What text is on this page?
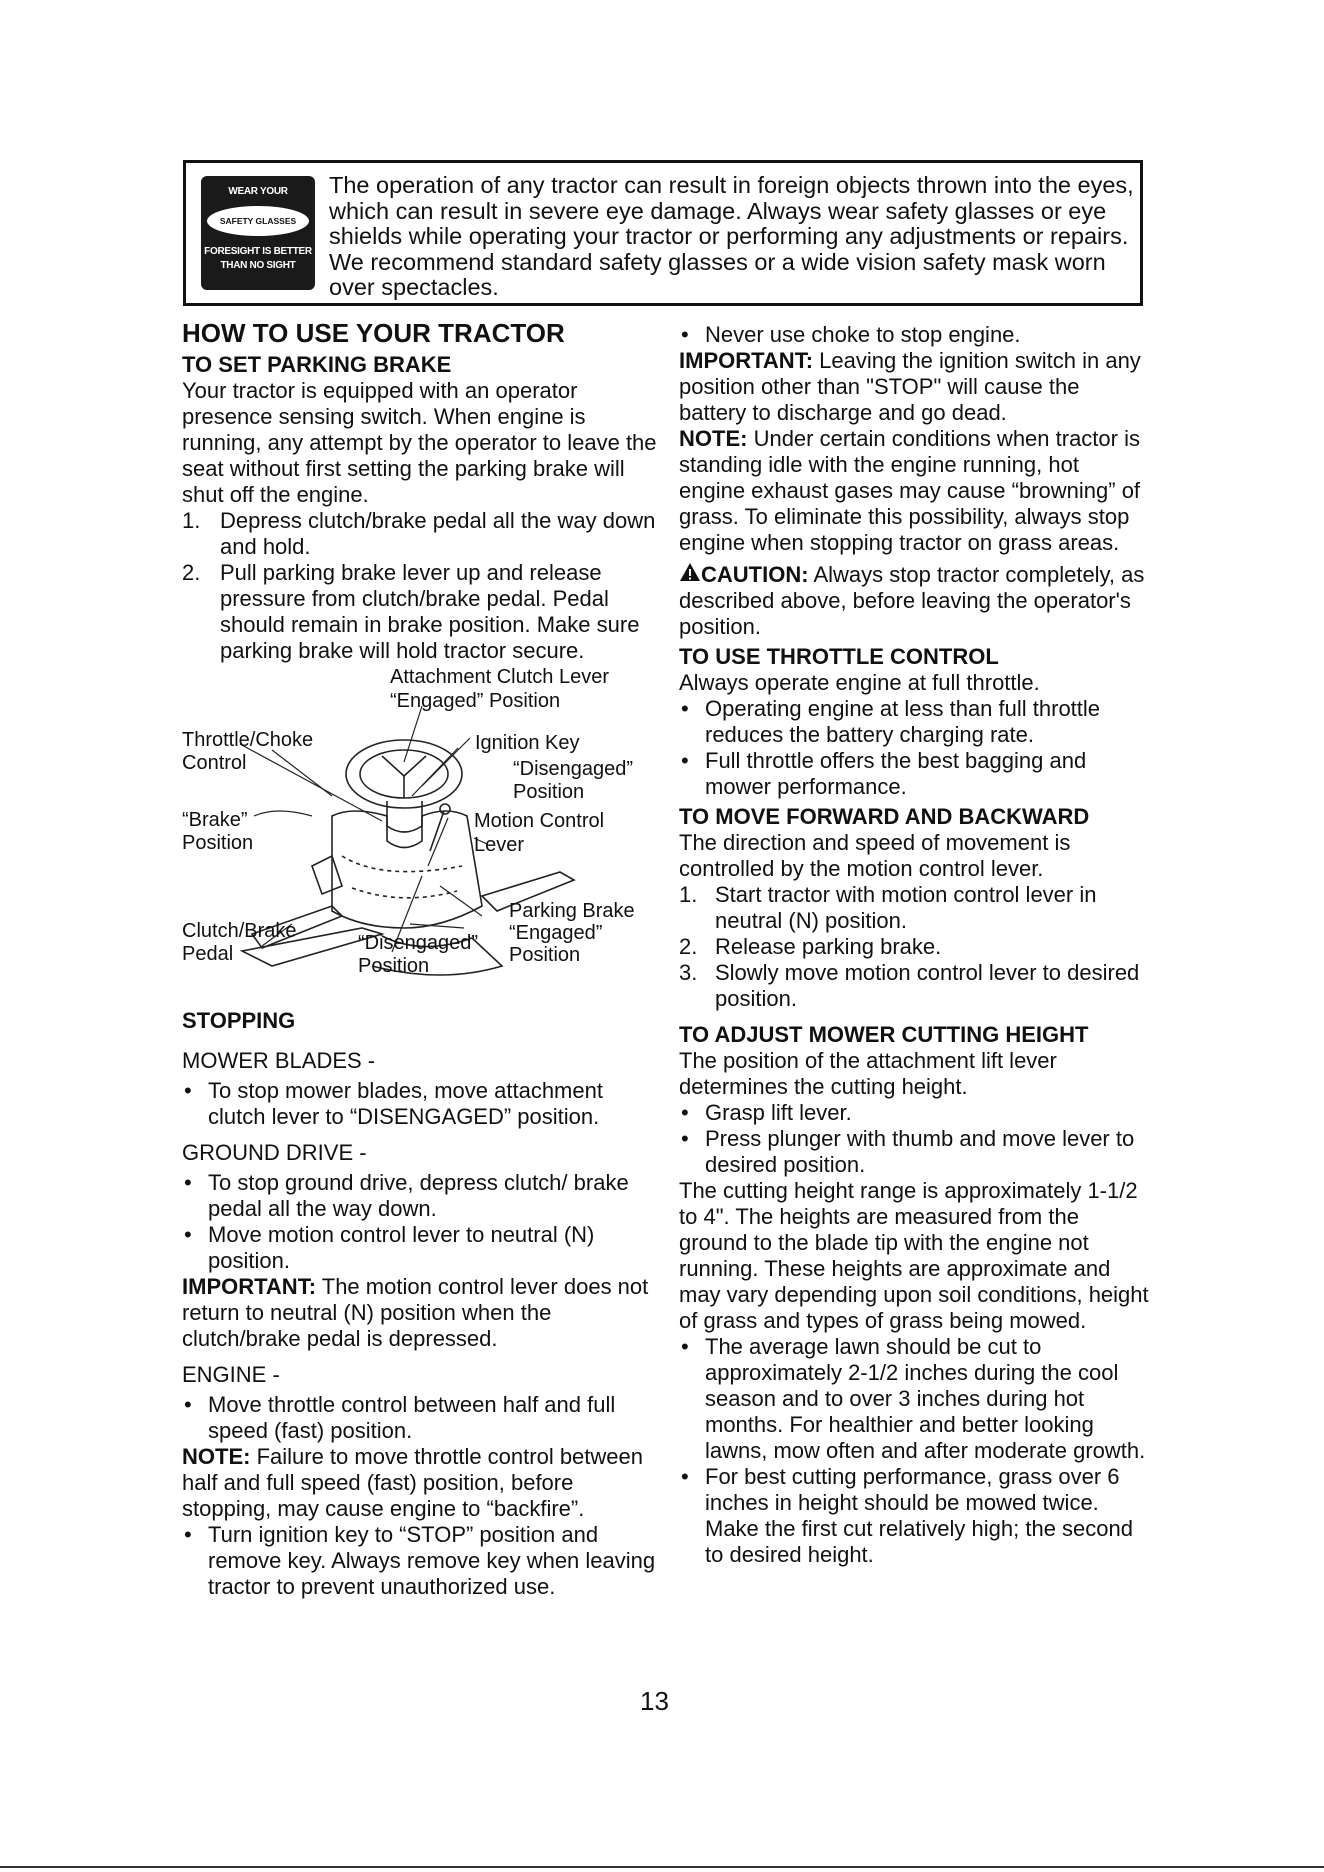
WEAR YOUR
SAFETY GLASSES
FORESIGHT IS BETTER
THAN NO SIGHT

The operation of any tractor can result in foreign objects thrown into the eyes, which can result in severe eye damage. Always wear safety glasses or eye shields while operating your tractor or performing any adjustments or repairs. We recommend standard safety glasses or a wide vision safety mask worn over spectacles.

HOW TO USE YOUR TRACTOR
TO SET PARKING BRAKE

Your tractor is equipped with an operator presence sensing switch. When engine is running, any attempt by the operator to leave the seat without first setting the parking brake will shut off the engine.

1. Depress clutch/brake pedal all the way down and hold.
2. Pull parking brake lever up and release pressure from clutch/brake pedal. Pedal should remain in brake position. Make sure parking brake will hold tractor secure.
Attachment Clutch Lever
“Engaged” Position
Throttle/Choke
Control
Ignition Key
“Disengaged”
Position
“Brake”
Position
Motion Control
Lever
Parking Brake
“Engaged”
Position
Clutch/Brake
Pedal	“Disengaged”
Position
STOPPING
MOWER BLADES -
• To stop mower blades, move attachment clutch lever to “DISENGAGED” position.
GROUND DRIVE -
• To stop ground drive, depress clutch/ brake pedal all the way down.
• Move motion control lever to neutral (N) position.

IMPORTANT: The motion control lever does not return to neutral (N) position when the clutch/brake pedal is depressed.

ENGINE -
• Move throttle control between half and full speed (fast) position.

NOTE: Failure to move throttle control between half and full speed (fast) position, before stopping, may cause engine to “backfire”.

• Turn ignition key to “STOP” position and remove key. Always remove key when leaving tractor to prevent unauthorized use.
• Never use choke to stop engine.

IMPORTANT: Leaving the ignition switch in any position other than "STOP" will cause the battery to discharge and go dead.

NOTE: Under certain conditions when tractor is standing idle with the engine running, hot engine exhaust gases may cause “browning” of grass. To eliminate this possibility, always stop engine when stopping tractor on grass areas.

CAUTION: Always stop tractor completely, as described above, before leaving the operator's position.

TO USE THROTTLE CONTROL

Always operate engine at full throttle.

• Operating engine at less than full throttle reduces the battery charging rate.
• Full throttle offers the best bagging and mower performance.
TO MOVE FORWARD AND BACKWARD

The direction and speed of movement is controlled by the motion control lever.

1. Start tractor with motion control lever in neutral (N) position.
2. Release parking brake.
3. Slowly move motion control lever to desired position.
TO ADJUST MOWER CUTTING HEIGHT

The position of the attachment lift lever determines the cutting height.

• Grasp lift lever.
• Press plunger with thumb and move lever to desired position.

The cutting height range is approximately 1-1/2 to 4". The heights are measured from the ground to the blade tip with the engine not running. These heights are approximate and may vary depending upon soil conditions, height of grass and types of grass being mowed.

• The average lawn should be cut to approximately 2-1/2 inches during the cool season and to over 3 inches during hot months. For healthier and better looking lawns, mow often and after moderate growth.
• For best cutting performance, grass over 6 inches in height should be mowed twice. Make the first cut relatively high; the second to desired height.
13
